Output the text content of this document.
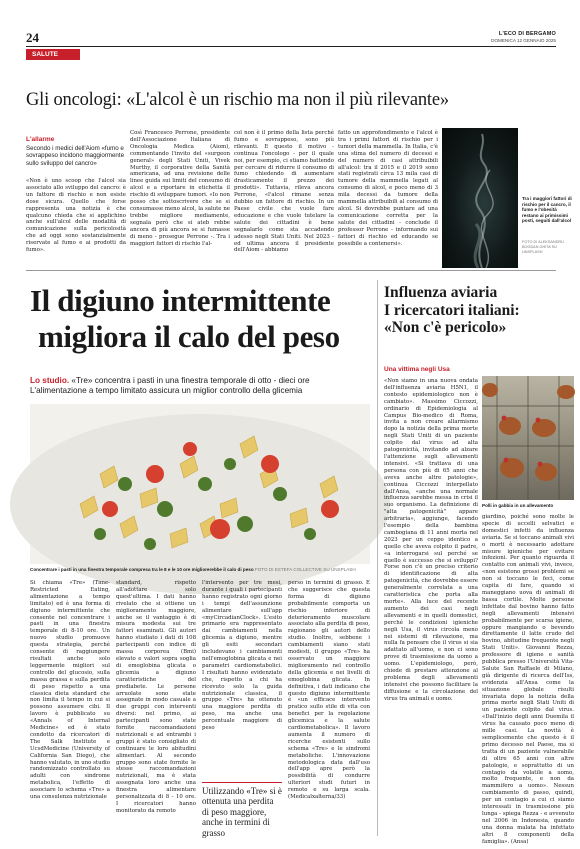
24	L'ECO DI BERGAMO
DOMENICA 12 GENNAIO 2025
SALUTE
Gli oncologi: «L'alcol è un rischio ma non il più rilevante»
L'allarme
Secondo i medici dell'Aiom «fumo e sovrappeso incidono maggiormente sullo sviluppo del cancro»
«Non è uno scoop che l'alcol sia associato allo sviluppo del cancro: è un fattore di rischio e non esiste dose sicura. Quello che forse rappresenta una notizia è che qualcuno chieda che si applichino anche sull'alcol delle modalità di comunicazione sulla pericolosità che ad oggi sono sostanzialmente riservate al fumo e ai prodotti da fumo».
Così Francesco Perrone, presidente dell'Associazione Italiana di Oncologia Medica (Aiom), commentando l'invito del «surgeon general» degli Stati Uniti, Vivek Murthy, il corporative della Sanità americana, ad una revisione delle linee guida sui limiti del consumo di alcol e a riportare in etichetta il rischio di sviluppare tumori. «Io non posso che sottoscrivere che se si consumasse meno alcol, la salute ne trebbe migliore mediamente, segnala però che si ateb rebbe ancora di più ancora se si fumasse di meno - prosegue Perrone -. Tra i maggiori fattori di rischio l'al-
col non è il primo della lista perché fumo e sovrappeso, sono più rilevanti. E questo il motivo - continua l'oncologo - per il quale noi, per esempio, ci stiamo battendo per cercare di ridurre il consumo di fumo chiedendo di aumentare drasticamente il prezzo dei prodotti». Tuttavia, rileva ancora Perrone, «l'alcol rimane senza dubbio un fattore di rischio. In un Paese civile che vuole fare educazione e che vuole tutelare la salute dei cittadini è bene segnalarlo come sta accadendo adesso negli Stati Uniti. Nel 2023 - ed ultima ancora il presidente dell'Aiom - abbiamo
fatto un approfondimento e l'alcol è tra i primi fattori di rischio per i tumori della mammella. In Italia, c'è una stima del numero di decessi e del numero di casi attribuibili all'alcol: tra il 2015 e il 2019 sono stati registrati circa 13 mila casi di tumore della mammella legati al consumo di alcol, e poco meno di 3 mila decessi da tumore della mammella attribuibili al consumo di alcol. Si dovrebbe puntare ad una comunicazione corretta per la salute dei cittadini - conclude il professor Perrone - informando sui fattori di rischio ed educando se possibile a contenersi».
Tra i maggiori fattori di rischio per il cancro, il fumo e l'obesità restano ai primissimi posti, seguiti dall'alcol
FOTO DI ALEKSANDRU BOGDAN GHITA SU UNSPLASH
Il digiuno intermittente
migliora il calo del peso
Lo studio. «Tre» concentra i pasti in una finestra temporale di otto - dieci ore
L'alimentazione a tempo limitato assicura un miglior controllo della glicemia
Concentrare i pasti in una finestra temporale compresa tra le 8 e le 10 ore migliorerebbe il calo di peso FOTO DI ESTEFA COLLECTIVE SU UNSPLASH
Si chiama «Tre» (Time-Restricted Eating, alimentazione a tempo limitato) ed è una forma di digiuno intermittente che consente nel concentrare i pasti in una finestra temporale di 8-10 ore. Un nuovo studio promuove questa strategia, perché consente di raggiungere risultati anche solo leggermente migliori sul controllo del glucosio, sulla massa grassa e sulla perdita di peso rispetto a una classica dieta standard che non limita il tempo in cui si possono assumere cibi. Il lavoro è pubblicato su «Annals of Internal Medicine» ed è stato condotto da ricercatori di The Salk Institute e UcsdMedicine (University of California San Diego), che hanno valutato, in uno studio randomizzato controllato su adulti con sindrome metabolica, l'effetto di associare lo schema «Tre» a una consulenza nutrizionale
standard, rispetto all'adottare solo quest'ultima. I dati hanno rivelato che si ottiene un miglioramento maggiore, anche se il vantaggio è di misura modesta sui tre fattori esaminati. Gli autori hanno studiato i dati di 108 partecipanti con indice di massa corporea (Bmi) elevato e valori sopra soglia di emoglobina glicata o glicemia a digiuno caratteristiche del prediabete. Le persone arruolate sono state assegnate in modo casuale a due gruppi con interventi diversi: nel primo, ai partecipanti sono state fornite raccomandazioni nutrizionali e ad entrambi i gruppi è stato consigliato di continuare le loro abitudini alimentari. Al secondo gruppo sono state fornite le stesse raccomandazioni nutrizionali, ma è stata assegnata loro anche una finestra alimentare personalizzata di 8 - 10 ore. I ricercatori hanno monitorato da remoto
l'intervento per tre mesi, durante i quali i partecipanti hanno registrato ogni giorno i tempi dell'assunzione alimentare sull'app «myCircadianClock». L'esito primario era rappresentato dai cambiamenti nella glicemia a digiuno, mentre gli esiti secondari includevano i cambiamenti nell'emoglobina glicata e nei parametri cardiometabolici. I risultati hanno evidenziato che, rispetto a chi ha ricevuto solo la guida nutrizionale classica, il gruppo «Tre» ha ottenuto una maggiore perdita di peso, ma anche una percentuale maggiore di peso
Utilizzando «Tre» si è ottenuta una perdita di peso maggiore, anche in termini di grasso
perso in termini di grasso. E che suggerisce che questa forma di digiuno probabilmente comporta un rischio inferiore di deterioramento muscolare associato alla perdita di peso, ragionano gli autori dello studio. Inoltre, sebbene i cambiamenti siano stati modesti, il gruppo «Tre» ha osservato un maggiore miglioramento nel controllo della glicemia e nei livelli di emoglobina glicata. In definitiva, i dati indicano che questo digiuno intermittente è «un efficace intervento pratico sullo stile di vita con benefici per la regolazione glicemica e la salute cardiometabolica». Il lavoro aumenta il numero di ricerche esistenti sullo schema «Tre» e le sindromi metaboliche. L'innovazione metodologica data dall'uso dell'app apre però la possibilità di condurre ulteriori studi futuri in remoto e su larga scala. (Medicalxalterna/33)
Influenza aviaria
I ricercatori italiani:
«Non c'è pericolo»
Una vittima negli Usa
«Non siamo in una nuova ondata dell'influenza aviaria H5N1, il contesto epidemiologico non è cambiato». Massimo Ciccozzi, ordinario di Epidemiologia al Campus Bio-medico di Roma, invita a non creare allarmismo dopo la notizia della prima morte negli Stati Uniti di un paziente colpito dal virus ad alta patogenicità, invitando ad alzare l'attenzione sugli allevamenti intensivi. «Si trattava di una persona con più di 65 anni che aveva anche altre patologie», continua Ciccozzi interpellato dall'Ansa, «anche una normale influenza sarebbe messa in crisi il suo organismo. La definizione di "alta patogenicità" appare arbitraria», aggiunge, facendo l'esempio della bambina cambogiana di 11 anni morta nel 2023 per un ceppo identico a quello che aveva colpito il padre, «a interrogarsi sul perché se quello è successo che si sviluppi? Forse non c'è un preciso criterio di identificazione di alta patogenicità, che dovrebbe essere generalmente correlata a una caratteristica che porta alla morte». Alla luce del recente aumento dei casi negli allevamenti e in quelli domestici, perché le condizioni igieniche negli Usa, il virus circola meno nei sistemi di rilevazione, ma nulla fa pensare che il virus si sia adattato all'uomo, e non ci sono prove di trasmissione da uomo a uomo. L'epidemiologo, però, chiede di prestare attenzione al problema degli allevamenti intensivi che possono facilitare la diffusione e la circolazione del virus tra animali e uomo.
Polli in gabbia in un allevamento
giardino, poiché sono molte le specie di uccelli selvatici e domestici infetti da influenza aviaria. Se si toccano animali vivi o morti è necessario adottare misure igieniche per evitare infezioni. Per quanto riguarda il contatto con animali vivi, invece, «non esistono grossi problemi se non si toccano le feci, come capita di fare, quando si maneggiano uova di animali di bassa cortile. Molte persone infettate dal bovino hanno fatto negli allevamenti intensivi probabilmente per scarsa igiene, oppure mangiando o bevendo direttamente il latte crudo del bovino, abitudine frequente negli Stati Uniti». Giovanni Rezza, professore di igiene e sanità pubblica presso l'Università Vita-Salute San Raffaele di Milano, già dirigente di ricerca dell'Iss, evidenzia all'Ansa come la situazione globale risulti invariata dopo la notizia della prima morte negli Stati Uniti di un paziente colpito dal virus. «Dall'inizio degli anni Duemila il virus ha causato poco meno di mille casi. La novità è semplicemente che questo è il primo decesso nel Paese, ma si tratta di un paziente vulnerabile di oltre 65 anni con altre patologie, e soprattutto di un contagio da volatile a uomo, molto frequente, e non da mammifero a uomo». Nessun cambiamento di passo, quindi, per un contagio a cui ci siamo interessati in trasmissione più lunga - spiega Rezza - e avvenuto nel 2006 in Indonesia, quando una donna malata ha infettato altri 8 componenti della famiglia». (Ansa)
